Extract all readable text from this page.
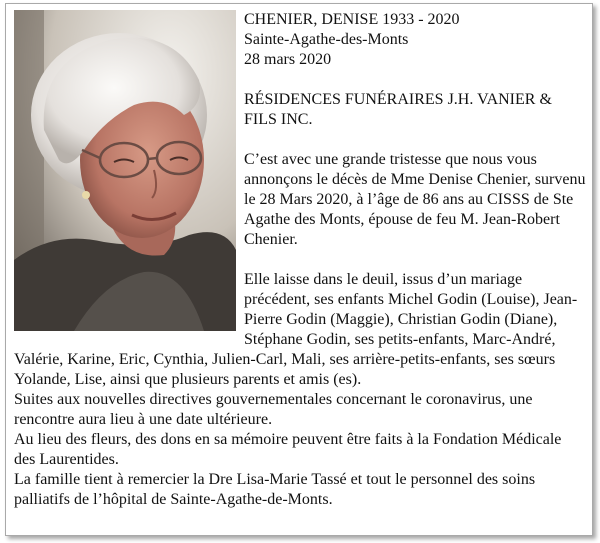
CHENIER, DENISE 1933 - 2020

Sainte-Agathe-des-Monts

28 mars 2020

RÉSIDENCES FUNÉRAIRES J.H. VANIER & FILS INC.

C’est avec une grande tristesse que nous vous annonçons le décès de Mme Denise Chenier, survenu le 28 Mars 2020, à l’âge de 86 ans au CISSS de Ste Agathe des Monts, épouse de feu M. Jean-Robert Chenier.

Elle laisse dans le deuil, issus d’un mariage précédent, ses enfants Michel Godin (Louise), Jean-Pierre Godin (Maggie), Christian Godin (Diane), Stéphane Godin, ses petits-enfants, Marc-André, Valérie, Karine, Eric, Cynthia, Julien-Carl, Mali, ses arrière-petits-enfants, ses sœurs Yolande, Lise, ainsi que plusieurs parents et amis (es).

Suites aux nouvelles directives gouvernementales concernant le coronavirus, une rencontre aura lieu à une date ultérieure.

Au lieu des fleurs, des dons en sa mémoire peuvent être faits à la Fondation Médicale des Laurentides.

La famille tient à remercier la Dre Lisa-Marie Tassé et tout le personnel des soins palliatifs de l’hôpital de Sainte-Agathe-de-Monts.
